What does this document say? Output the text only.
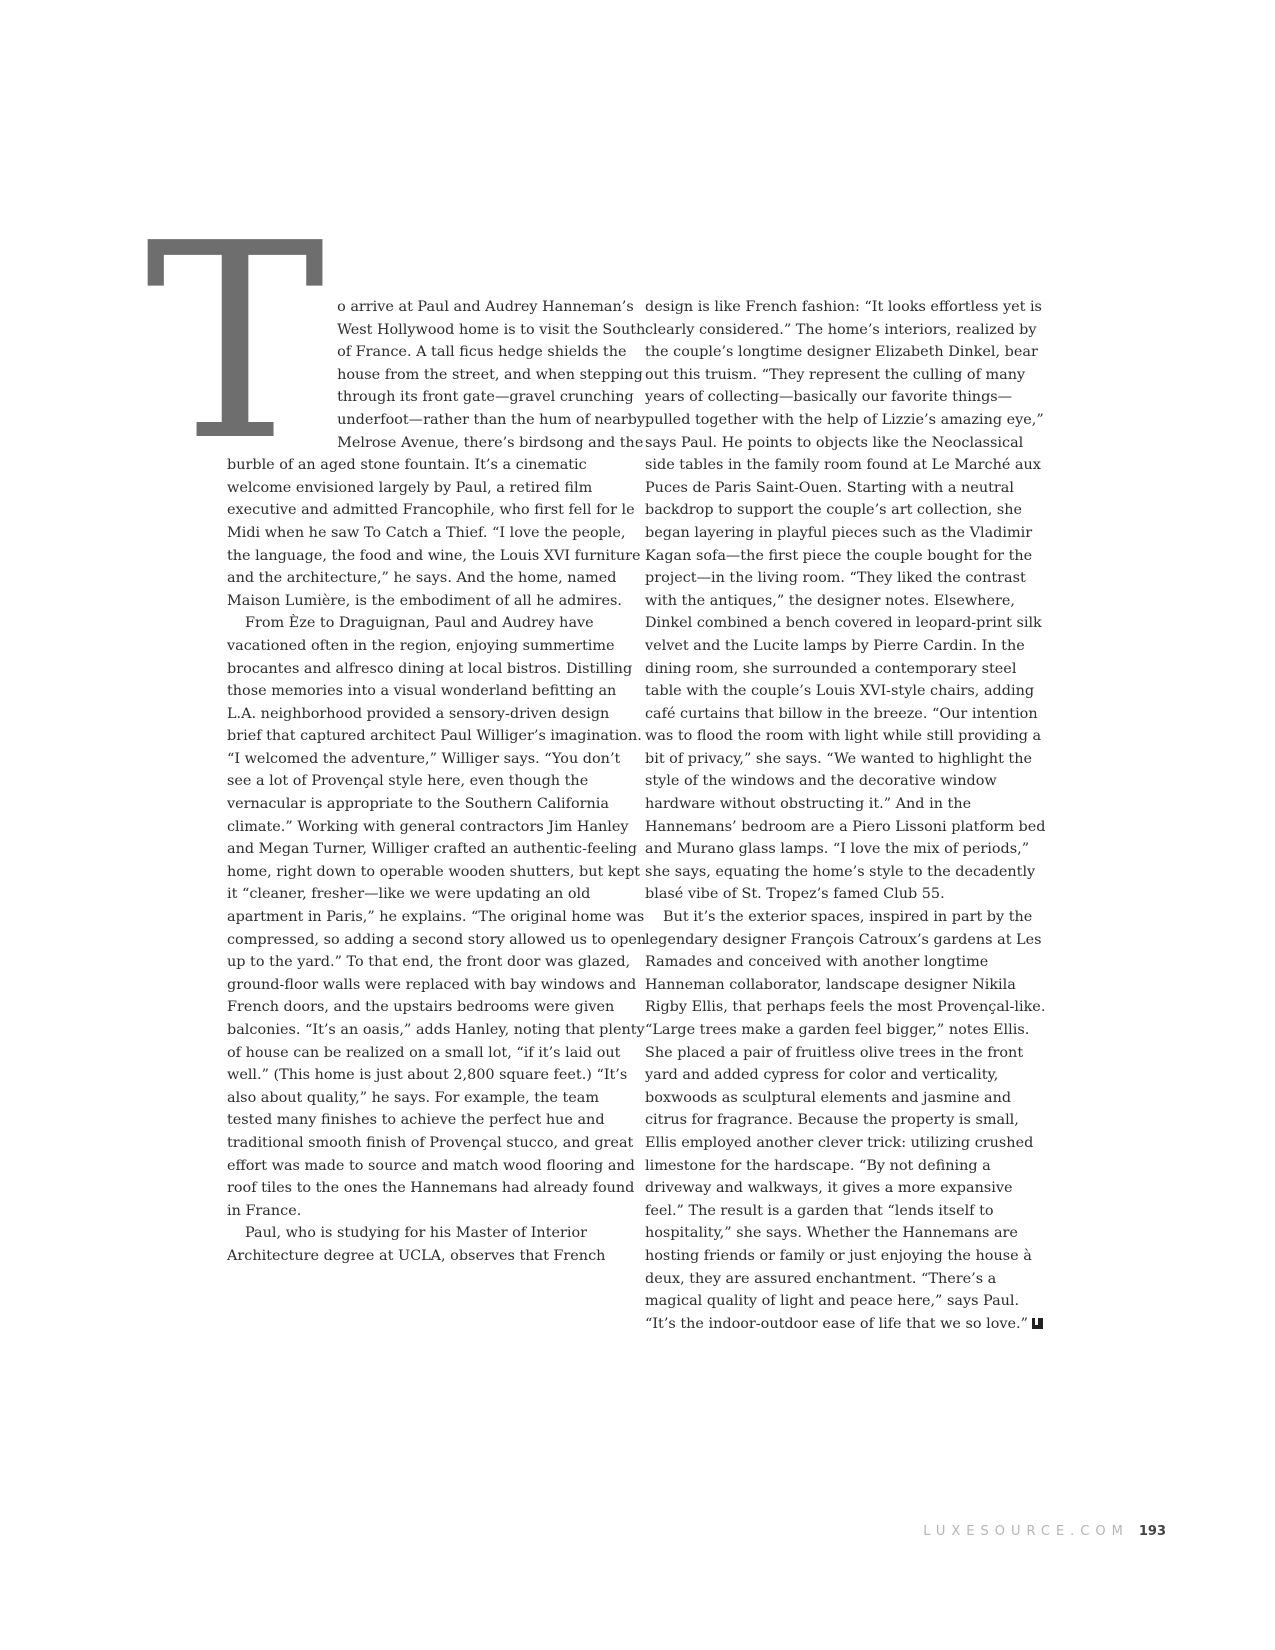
To arrive at Paul and Audrey Hanneman’s West Hollywood home is to visit the South of France. A tall ficus hedge shields the house from the street, and when stepping through its front gate—gravel crunching underfoot—rather than the hum of nearby Melrose Avenue, there’s birdsong and the burble of an aged stone fountain. It’s a cinematic welcome envisioned largely by Paul, a retired film executive and admitted Francophile, who first fell for le Midi when he saw To Catch a Thief. “I love the people, the language, the food and wine, the Louis XVI furniture and the architecture,” he says. And the home, named Maison Lumière, is the embodiment of all he admires.

From Èze to Draguignan, Paul and Audrey have vacationed often in the region, enjoying summertime brocantes and alfresco dining at local bistros. Distilling those memories into a visual wonderland befitting an L.A. neighborhood provided a sensory-driven design brief that captured architect Paul Williger’s imagination. “I welcomed the adventure,” Williger says. “You don’t see a lot of Provençal style here, even though the vernacular is appropriate to the Southern California climate.” Working with general contractors Jim Hanley and Megan Turner, Williger crafted an authentic-feeling home, right down to operable wooden shutters, but kept it “cleaner, fresher—like we were updating an old apartment in Paris,” he explains. “The original home was compressed, so adding a second story allowed us to open up to the yard.” To that end, the front door was glazed, ground-floor walls were replaced with bay windows and French doors, and the upstairs bedrooms were given balconies. “It’s an oasis,” adds Hanley, noting that plenty of house can be realized on a small lot, “if it’s laid out well.” (This home is just about 2,800 square feet.) “It’s also about quality,” he says. For example, the team tested many finishes to achieve the perfect hue and traditional smooth finish of Provençal stucco, and great effort was made to source and match wood flooring and roof tiles to the ones the Hannemans had already found in France.

Paul, who is studying for his Master of Interior Architecture degree at UCLA, observes that French

design is like French fashion: “It looks effortless yet is clearly considered.” The home’s interiors, realized by the couple’s longtime designer Elizabeth Dinkel, bear out this truism. “They represent the culling of many years of collecting—basically our favorite things—pulled together with the help of Lizzie’s amazing eye,” says Paul. He points to objects like the Neoclassical side tables in the family room found at Le Marché aux Puces de Paris Saint-Ouen. Starting with a neutral backdrop to support the couple’s art collection, she began layering in playful pieces such as the Vladimir Kagan sofa—the first piece the couple bought for the project—in the living room. “They liked the contrast with the antiques,” the designer notes. Elsewhere, Dinkel combined a bench covered in leopard-print silk velvet and the Lucite lamps by Pierre Cardin. In the dining room, she surrounded a contemporary steel table with the couple’s Louis XVI-style chairs, adding café curtains that billow in the breeze. “Our intention was to flood the room with light while still providing a bit of privacy,” she says. “We wanted to highlight the style of the windows and the decorative window hardware without obstructing it.” And in the Hannemans’ bedroom are a Piero Lissoni platform bed and Murano glass lamps. “I love the mix of periods,” she says, equating the home’s style to the decadently blasé vibe of St. Tropez’s famed Club 55.

But it’s the exterior spaces, inspired in part by the legendary designer François Catroux’s gardens at Les Ramades and conceived with another longtime Hanneman collaborator, landscape designer Nikila Rigby Ellis, that perhaps feels the most Provençal-like. “Large trees make a garden feel bigger,” notes Ellis. She placed a pair of fruitless olive trees in the front yard and added cypress for color and verticality, boxwoods as sculptural elements and jasmine and citrus for fragrance. Because the property is small, Ellis employed another clever trick: utilizing crushed limestone for the hardscape. “By not defining a driveway and walkways, it gives a more expansive feel.” The result is a garden that “lends itself to hospitality,” she says. Whether the Hannemans are hosting friends or family or just enjoying the house à deux, they are assured enchantment. “There’s a magical quality of light and peace here,” says Paul. “It’s the indoor-outdoor ease of life that we so love.”

LUXESOURCE.COM 193
